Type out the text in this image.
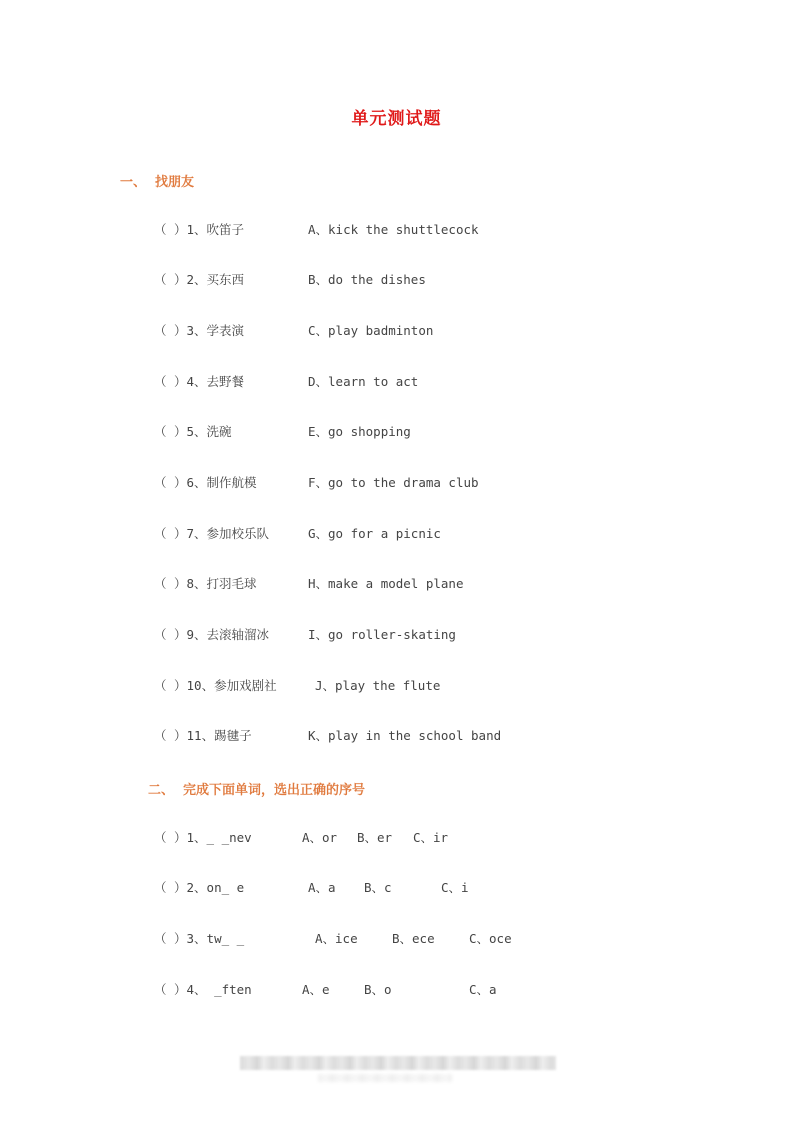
单元测试题
一、  找朋友

（ ）1、吹笛子

	A、kick the shuttlecock

（ ）2、买东西

	B、do the dishes

（ ）3、学表演

	C、play badminton

（ ）4、去野餐

	D、learn to act

（ ）5、洗碗

	E、go shopping

（ ）6、制作航模

	F、go to the drama club

（ ）7、参加校乐队

	G、go for a picnic

（ ）8、打羽毛球

	H、make a model plane

（ ）9、去滚轴溜冰

	I、go roller-skating

（ ）10、参加戏剧社

	J、play the flute

（ ）11、踢毽子

	K、play in the school band

二、  完成下面单词，选出正确的序号

（ ）1、_ _nev

	A、or

B、er

C、ir

（ ）2、on_ e

	A、a

B、c

	C、i

（ ）3、tw_ _

	A、ice

	B、ece

	C、oce

（ ）4、 _ften

	A、e

	B、o

	C、a
